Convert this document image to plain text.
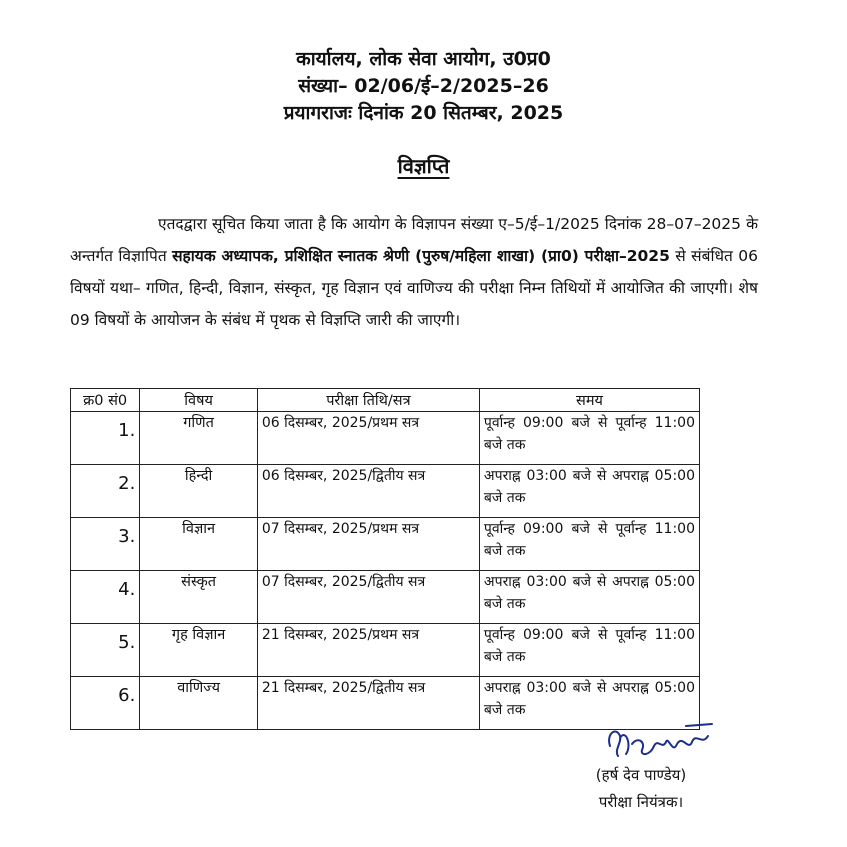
कार्यालय, लोक सेवा आयोग, उ0प्र0
संख्या– 02/06/ई–2/2025–26
प्रयागराजः दिनांक 20 सितम्बर, 2025
विज्ञप्ति
एतदद्वारा सूचित किया जाता है कि आयोग के विज्ञापन संख्या ए–5/ई–1/2025 दिनांक 28–07–2025 के अन्तर्गत विज्ञापित सहायक अध्यापक, प्रशिक्षित स्नातक श्रेणी (पुरुष/महिला शाखा) (प्रा0) परीक्षा–2025 से संबंधित 06 विषयों यथा– गणित, हिन्दी, विज्ञान, संस्कृत, गृह विज्ञान एवं वाणिज्य की परीक्षा निम्न तिथियों में आयोजित की जाएगी। शेष 09 विषयों के आयोजन के संबंध में पृथक से विज्ञप्ति जारी की जाएगी।
क्र0 सं0	विषय	परीक्षा तिथि/सत्र	समय
1.	गणित	06 दिसम्बर, 2025/प्रथम सत्र	पूर्वान्ह 09:00 बजे से पूर्वान्ह 11:00 बजे तक
2.	हिन्दी	06 दिसम्बर, 2025/द्वितीय सत्र	अपराह्न 03:00 बजे से अपराह्न 05:00 बजे तक
3.	विज्ञान	07 दिसम्बर, 2025/प्रथम सत्र	पूर्वान्ह 09:00 बजे से पूर्वान्ह 11:00 बजे तक
4.	संस्कृत	07 दिसम्बर, 2025/द्वितीय सत्र	अपराह्न 03:00 बजे से अपराह्न 05:00 बजे तक
5.	गृह विज्ञान	21 दिसम्बर, 2025/प्रथम सत्र	पूर्वान्ह 09:00 बजे से पूर्वान्ह 11:00 बजे तक
6.	वाणिज्य	21 दिसम्बर, 2025/द्वितीय सत्र	अपराह्न 03:00 बजे से अपराह्न 05:00 बजे तक
(हर्ष देव पाण्डेय)
परीक्षा नियंत्रक।
